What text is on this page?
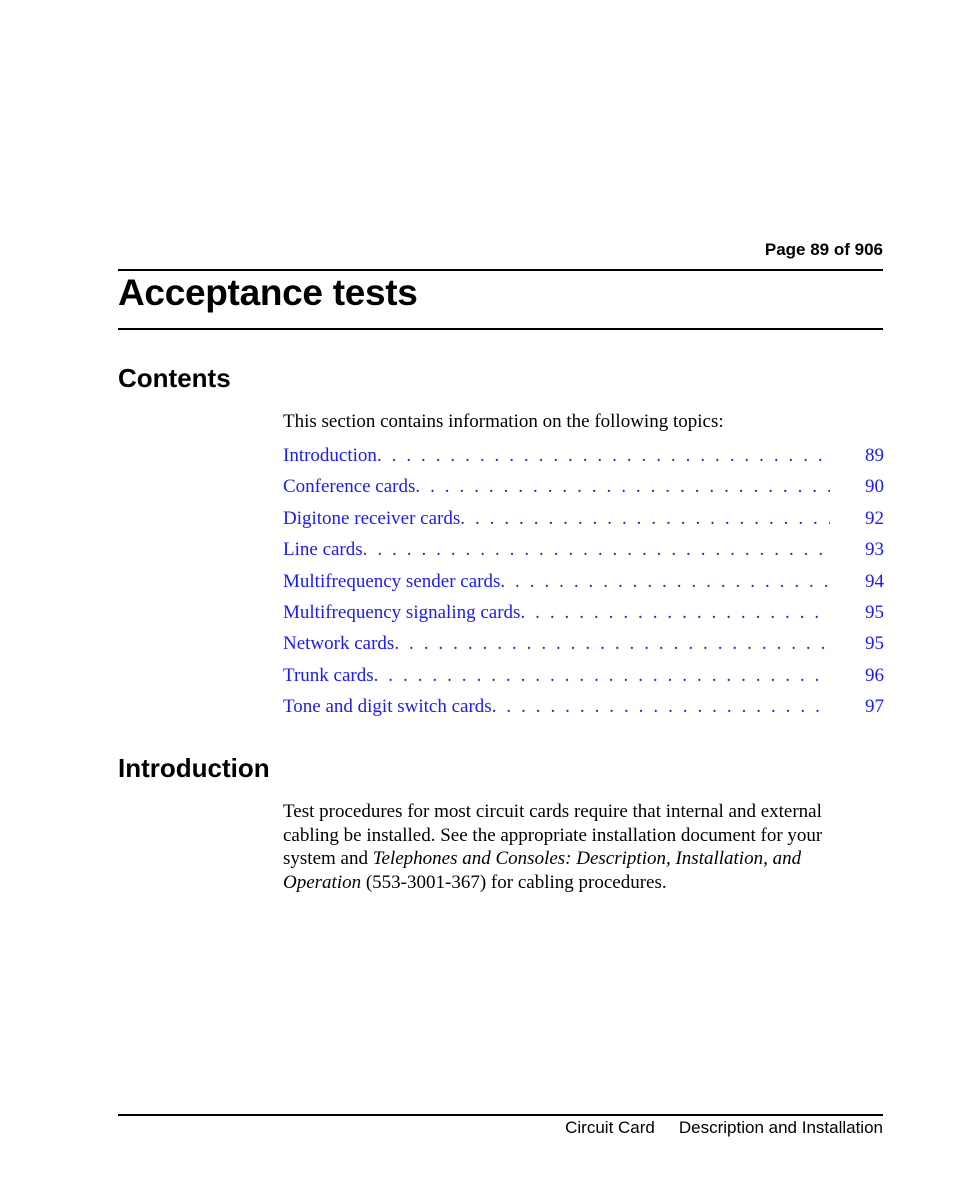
Page 89 of 906
Acceptance tests
Contents
This section contains information on the following topics:
Introduction . . .	89
Conference cards . . .	90
Digitone receiver cards . . .	92
Line cards . . .	93
Multifrequency sender cards . . .	94
Multifrequency signaling cards . . .	95
Network cards . . .	95
Trunk cards . . .	96
Tone and digit switch cards . . .	97
Introduction

Test procedures for most circuit cards require that internal and external cabling be installed. See the appropriate installation document for your system and Telephones and Consoles: Description, Installation, and Operation (553-3001-367) for cabling procedures.

Circuit Card Description and Installation
